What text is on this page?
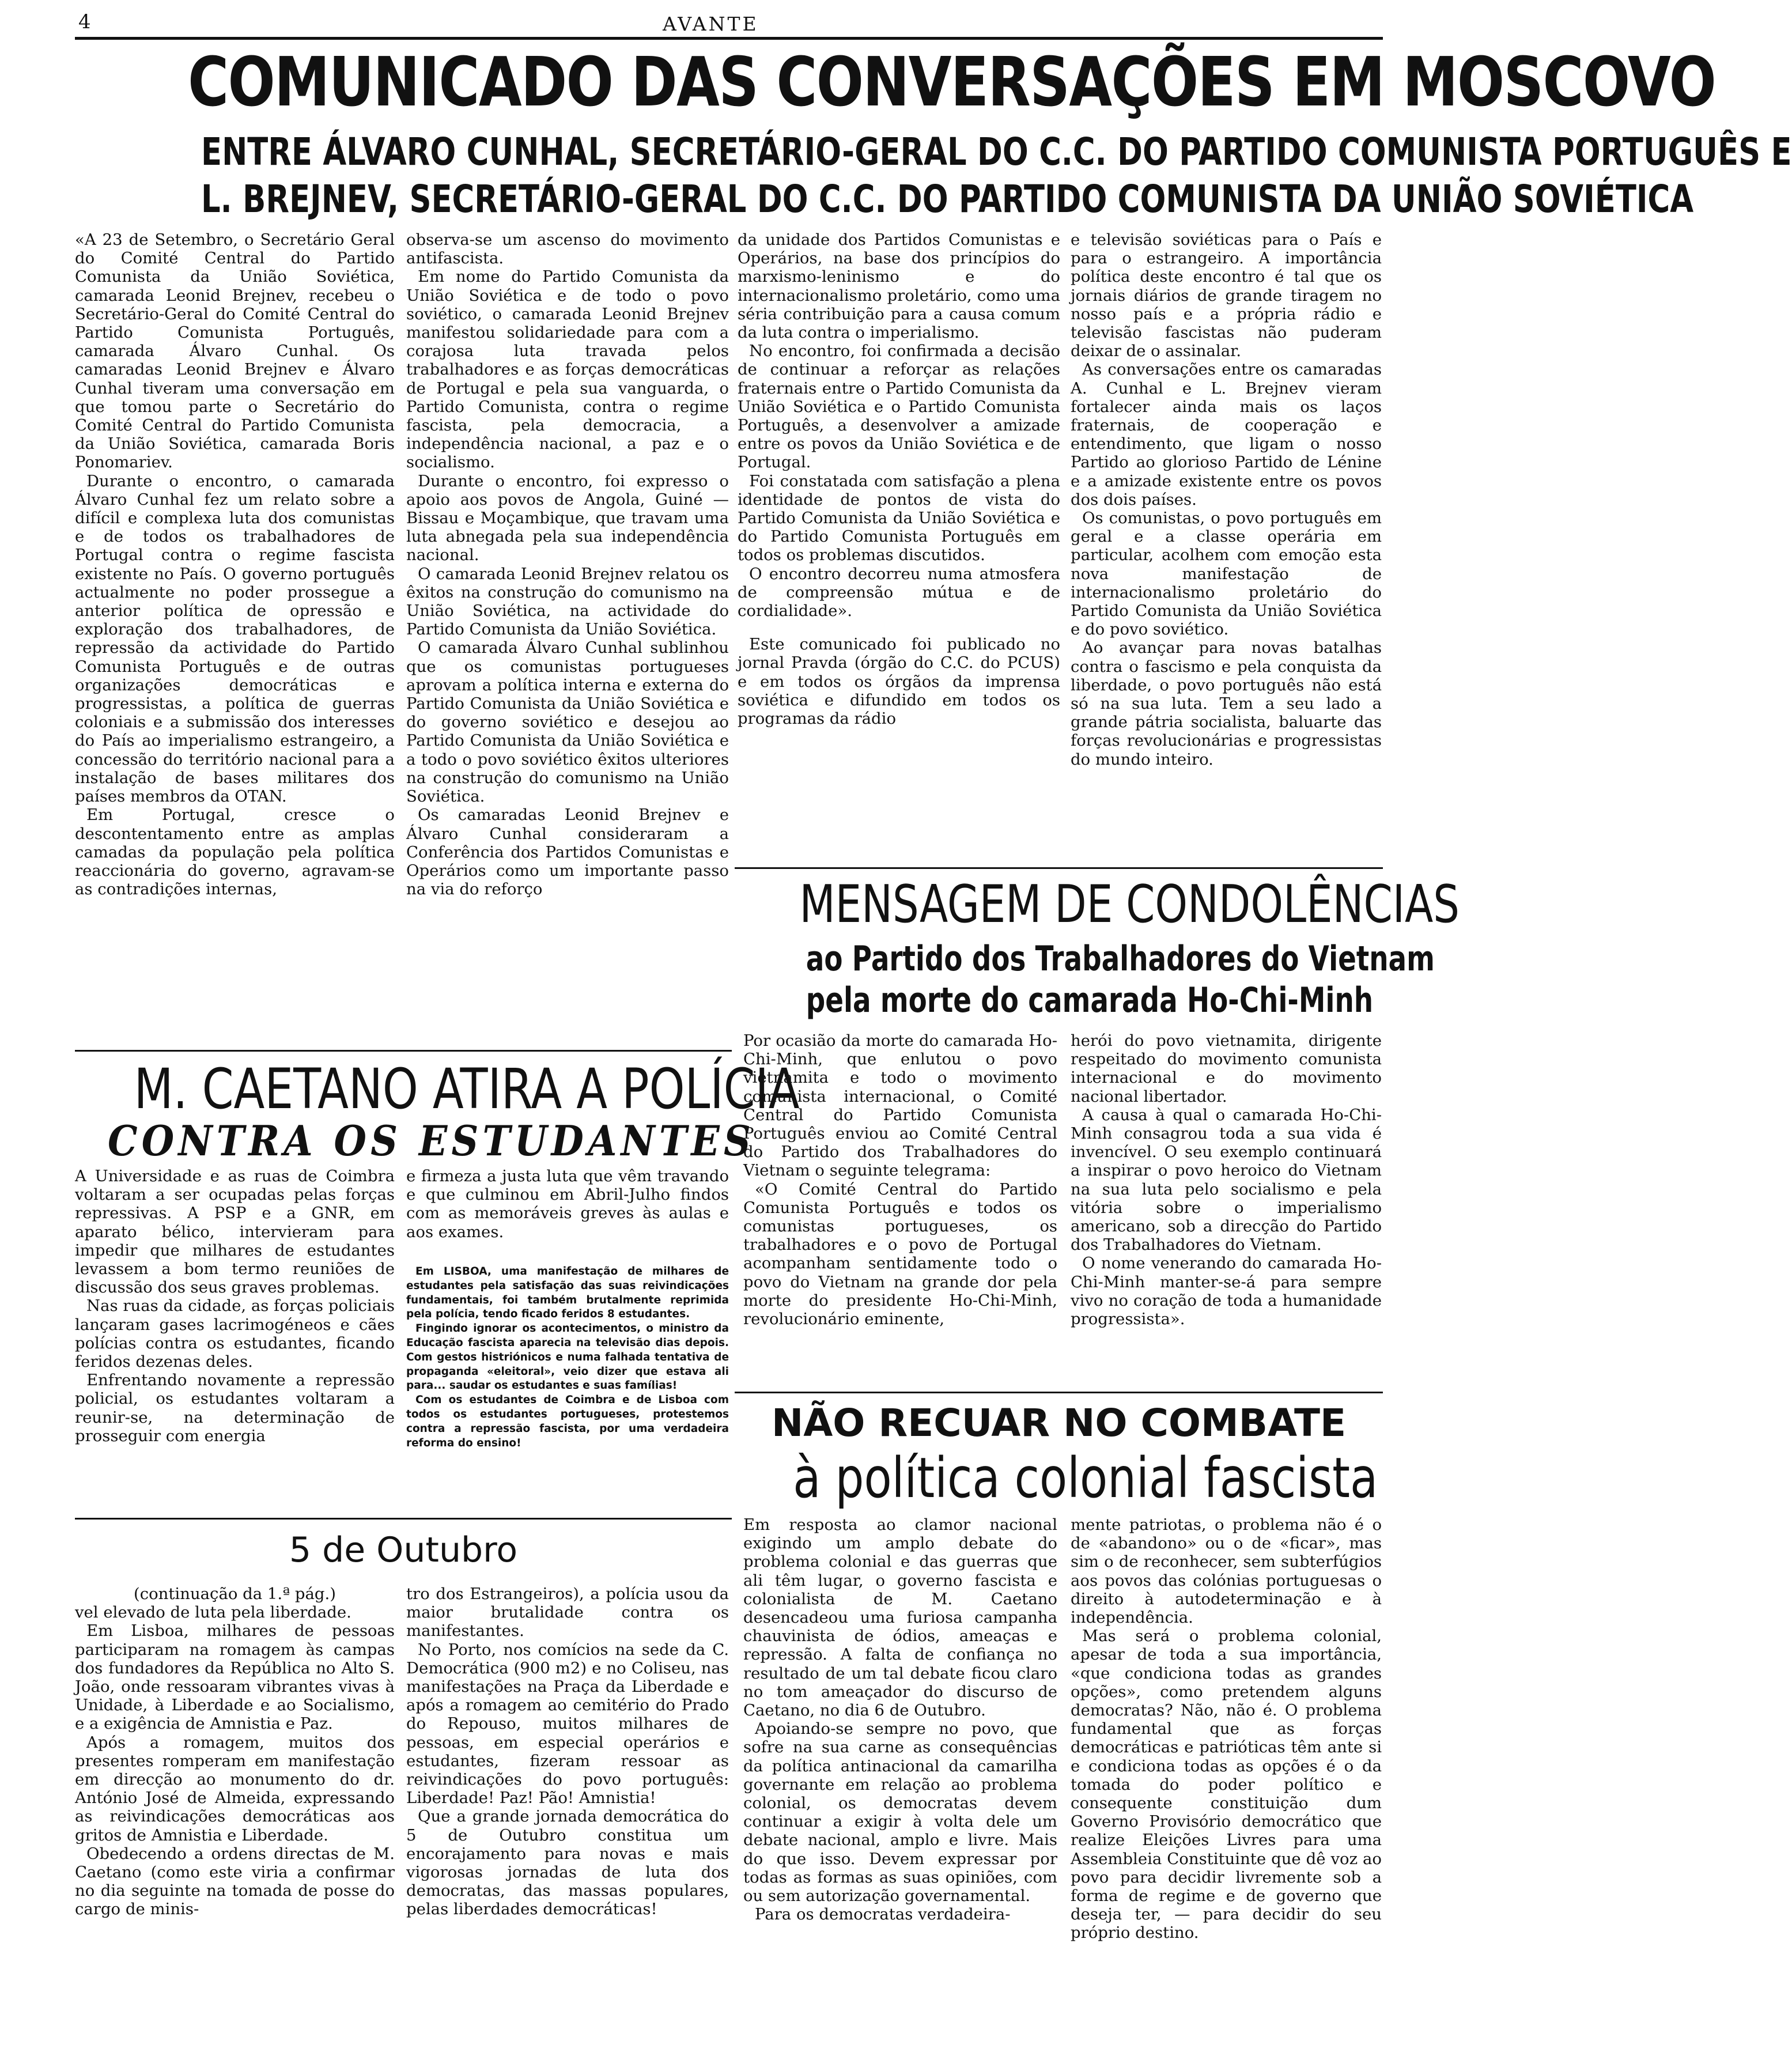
4	AVANTE
COMUNICADO DAS CONVERSAÇÕES EM MOSCOVO
ENTRE ÁLVARO CUNHAL, SECRETÁRIO-GERAL DO C.C. DO PARTIDO COMUNISTA PORTUGUÊS E
L. BREJNEV, SECRETÁRIO-GERAL DO C.C. DO PARTIDO COMUNISTA DA UNIÃO SOVIÉTICA

«A 23 de Setembro, o Secretário Geral do Comité Central do Partido Comunista da União Soviética, camarada Leonid Brejnev, recebeu o Secretário-Geral do Comité Central do Partido Comunista Português, camarada Álvaro Cunhal. Os camaradas Leonid Brejnev e Álvaro Cunhal tiveram uma conversação em que tomou parte o Secretário do Comité Central do Partido Comunista da União Soviética, camarada Boris Ponomariev.

Durante o encontro, o camarada Álvaro Cunhal fez um relato sobre a difícil e complexa luta dos comunistas e de todos os trabalhadores de Portugal contra o regime fascista existente no País. O governo português actualmente no poder prossegue a anterior política de opressão e exploração dos trabalhadores, de repressão da actividade do Partido Comunista Português e de outras organizações democráticas e progressistas, a política de guerras coloniais e a submissão dos interesses do País ao imperialismo estrangeiro, a concessão do território nacional para a instalação de bases militares dos países membros da OTAN.

Em Portugal, cresce o descontentamento entre as amplas camadas da população pela política reaccionária do governo, agravam-se as contradições internas,

observa-se um ascenso do movimento antifascista.

Em nome do Partido Comunista da União Soviética e de todo o povo soviético, o camarada Leonid Brejnev manifestou solidariedade para com a corajosa luta travada pelos trabalhadores e as forças democráticas de Portugal e pela sua vanguarda, o Partido Comunista, contra o regime fascista, pela democracia, a independência nacional, a paz e o socialismo.

Durante o encontro, foi expresso o apoio aos povos de Angola, Guiné — Bissau e Moçambique, que travam uma luta abnegada pela sua independência nacional.

O camarada Leonid Brejnev relatou os êxitos na construção do comunismo na União Soviética, na actividade do Partido Comunista da União Soviética.

O camarada Álvaro Cunhal sublinhou que os comunistas portugueses aprovam a política interna e externa do Partido Comunista da União Soviética e do governo soviético e desejou ao Partido Comunista da União Soviética e a todo o povo soviético êxitos ulteriores na construção do comunismo na União Soviética.

Os camaradas Leonid Brejnev e Álvaro Cunhal consideraram a Conferência dos Partidos Comunistas e Operários como um importante passo na via do reforço

da unidade dos Partidos Comunistas e Operários, na base dos princípios do marxismo-leninismo e do internacionalismo proletário, como uma séria contribuição para a causa comum da luta contra o imperialismo.

No encontro, foi confirmada a decisão de continuar a reforçar as relações fraternais entre o Partido Comunista da União Soviética e o Partido Comunista Português, a desenvolver a amizade entre os povos da União Soviética e de Portugal.

Foi constatada com satisfação a plena identidade de pontos de vista do Partido Comunista da União Soviética e do Partido Comunista Português em todos os problemas discutidos.

O encontro decorreu numa atmosfera de compreensão mútua e de cordialidade».

Este comunicado foi publicado no jornal Pravda (órgão do C.C. do PCUS) e em todos os órgãos da imprensa soviética e difundido em todos os programas da rádio

e televisão soviéticas para o País e para o estrangeiro. A importância política deste encontro é tal que os jornais diários de grande tiragem no nosso país e a própria rádio e televisão fascistas não puderam deixar de o assinalar.

As conversações entre os camaradas A. Cunhal e L. Brejnev vieram fortalecer ainda mais os laços fraternais, de cooperação e entendimento, que ligam o nosso Partido ao glorioso Partido de Lénine e a amizade existente entre os povos dos dois países.

Os comunistas, o povo português em geral e a classe operária em particular, acolhem com emoção esta nova manifestação de internacionalismo proletário do Partido Comunista da União Soviética e do povo soviético.

Ao avançar para novas batalhas contra o fascismo e pela conquista da liberdade, o povo português não está só na sua luta. Tem a seu lado a grande pátria socialista, baluarte das forças revolucionárias e progressistas do mundo inteiro.

MENSAGEM DE CONDOLÊNCIAS
ao Partido dos Trabalhadores do Vietnam
pela morte do camarada Ho-Chi-Minh

Por ocasião da morte do camarada Ho-Chi-Minh, que enlutou o povo vietnamita e todo o movimento comunista internacional, o Comité Central do Partido Comunista Português enviou ao Comité Central do Partido dos Trabalhadores do Vietnam o seguinte telegrama:

«O Comité Central do Partido Comunista Português e todos os comunistas portugueses, os trabalhadores e o povo de Portugal acompanham sentidamente todo o povo do Vietnam na grande dor pela morte do presidente Ho-Chi-Minh, revolucionário eminente,

herói do povo vietnamita, dirigente respeitado do movimento comunista internacional e do movimento nacional libertador.

A causa à qual o camarada Ho-Chi-Minh consagrou toda a sua vida é invencível. O seu exemplo continuará a inspirar o povo heroico do Vietnam na sua luta pelo socialismo e pela vitória sobre o imperialismo americano, sob a direcção do Partido dos Trabalhadores do Vietnam.

O nome venerando do camarada Ho-Chi-Minh manter-se-á para sempre vivo no coração de toda a humanidade progressista».

M. CAETANO ATIRA A POLÍCIA
CONTRA OS ESTUDANTES

A Universidade e as ruas de Coimbra voltaram a ser ocupadas pelas forças repressivas. A PSP e a GNR, em aparato bélico, intervieram para impedir que milhares de estudantes levassem a bom termo reuniões de discussão dos seus graves problemas.

Nas ruas da cidade, as forças policiais lançaram gases lacrimogéneos e cães polícias contra os estudantes, ficando feridos dezenas deles.

Enfrentando novamente a repressão policial, os estudantes voltaram a reunir-se, na determinação de prosseguir com energia

e firmeza a justa luta que vêm travando e que culminou em Abril-Julho findos com as memoráveis greves às aulas e aos exames.

Em LISBOA, uma manifestação de milhares de estudantes pela satisfação das suas reivindicações fundamentais, foi também brutalmente reprimida pela polícia, tendo ficado feridos 8 estudantes.

Fingindo ignorar os acontecimentos, o ministro da Educação fascista aparecia na televisão dias depois. Com gestos histriónicos e numa falhada tentativa de propaganda «eleitoral», veio dizer que estava ali para... saudar os estudantes e suas famílias!

Com os estudantes de Coimbra e de Lisboa com todos os estudantes portugueses, protestemos contra a repressão fascista, por uma verdadeira reforma do ensino!

5 de Outubro

(continuação da 1.ª pág.)

vel elevado de luta pela liberdade.

Em Lisboa, milhares de pessoas participaram na romagem às campas dos fundadores da República no Alto S. João, onde ressoaram vibrantes vivas à Unidade, à Liberdade e ao Socialismo, e a exigência de Amnistia e Paz.

Após a romagem, muitos dos presentes romperam em manifestação em direcção ao monumento do dr. António José de Almeida, expressando as reivindicações democráticas aos gritos de Amnistia e Liberdade.

Obedecendo a ordens directas de M. Caetano (como este viria a confirmar no dia seguinte na tomada de posse do cargo de minis-

tro dos Estrangeiros), a polícia usou da maior brutalidade contra os manifestantes.

No Porto, nos comícios na sede da C. Democrática (900 m2) e no Coliseu, nas manifestações na Praça da Liberdade e após a romagem ao cemitério do Prado do Repouso, muitos milhares de pessoas, em especial operários e estudantes, fizeram ressoar as reivindicações do povo português: Liberdade! Paz! Pão! Amnistia!

Que a grande jornada democrática do 5 de Outubro constitua um encorajamento para novas e mais vigorosas jornadas de luta dos democratas, das massas populares, pelas liberdades democráticas!

NÃO RECUAR NO COMBATE
à política colonial fascista

Em resposta ao clamor nacional exigindo um amplo debate do problema colonial e das guerras que ali têm lugar, o governo fascista e colonialista de M. Caetano desencadeou uma furiosa campanha chauvinista de ódios, ameaças e repressão. A falta de confiança no resultado de um tal debate ficou claro no tom ameaçador do discurso de Caetano, no dia 6 de Outubro.

Apoiando-se sempre no povo, que sofre na sua carne as consequências da política antinacional da camarilha governante em relação ao problema colonial, os democratas devem continuar a exigir à volta dele um debate nacional, amplo e livre. Mais do que isso. Devem expressar por todas as formas as suas opiniões, com ou sem autorização governamental.

Para os democratas verdadeira-

mente patriotas, o problema não é o de «abandono» ou o de «ficar», mas sim o de reconhecer, sem subterfúgios aos povos das colónias portuguesas o direito à autodeterminação e à independência.

Mas será o problema colonial, apesar de toda a sua importância, «que condiciona todas as grandes opções», como pretendem alguns democratas? Não, não é. O problema fundamental que as forças democráticas e patrióticas têm ante si e condiciona todas as opções é o da tomada do poder político e consequente constituição dum Governo Provisório democrático que realize Eleições Livres para uma Assembleia Constituinte que dê voz ao povo para decidir livremente sob a forma de regime e de governo que deseja ter, — para decidir do seu próprio destino.
